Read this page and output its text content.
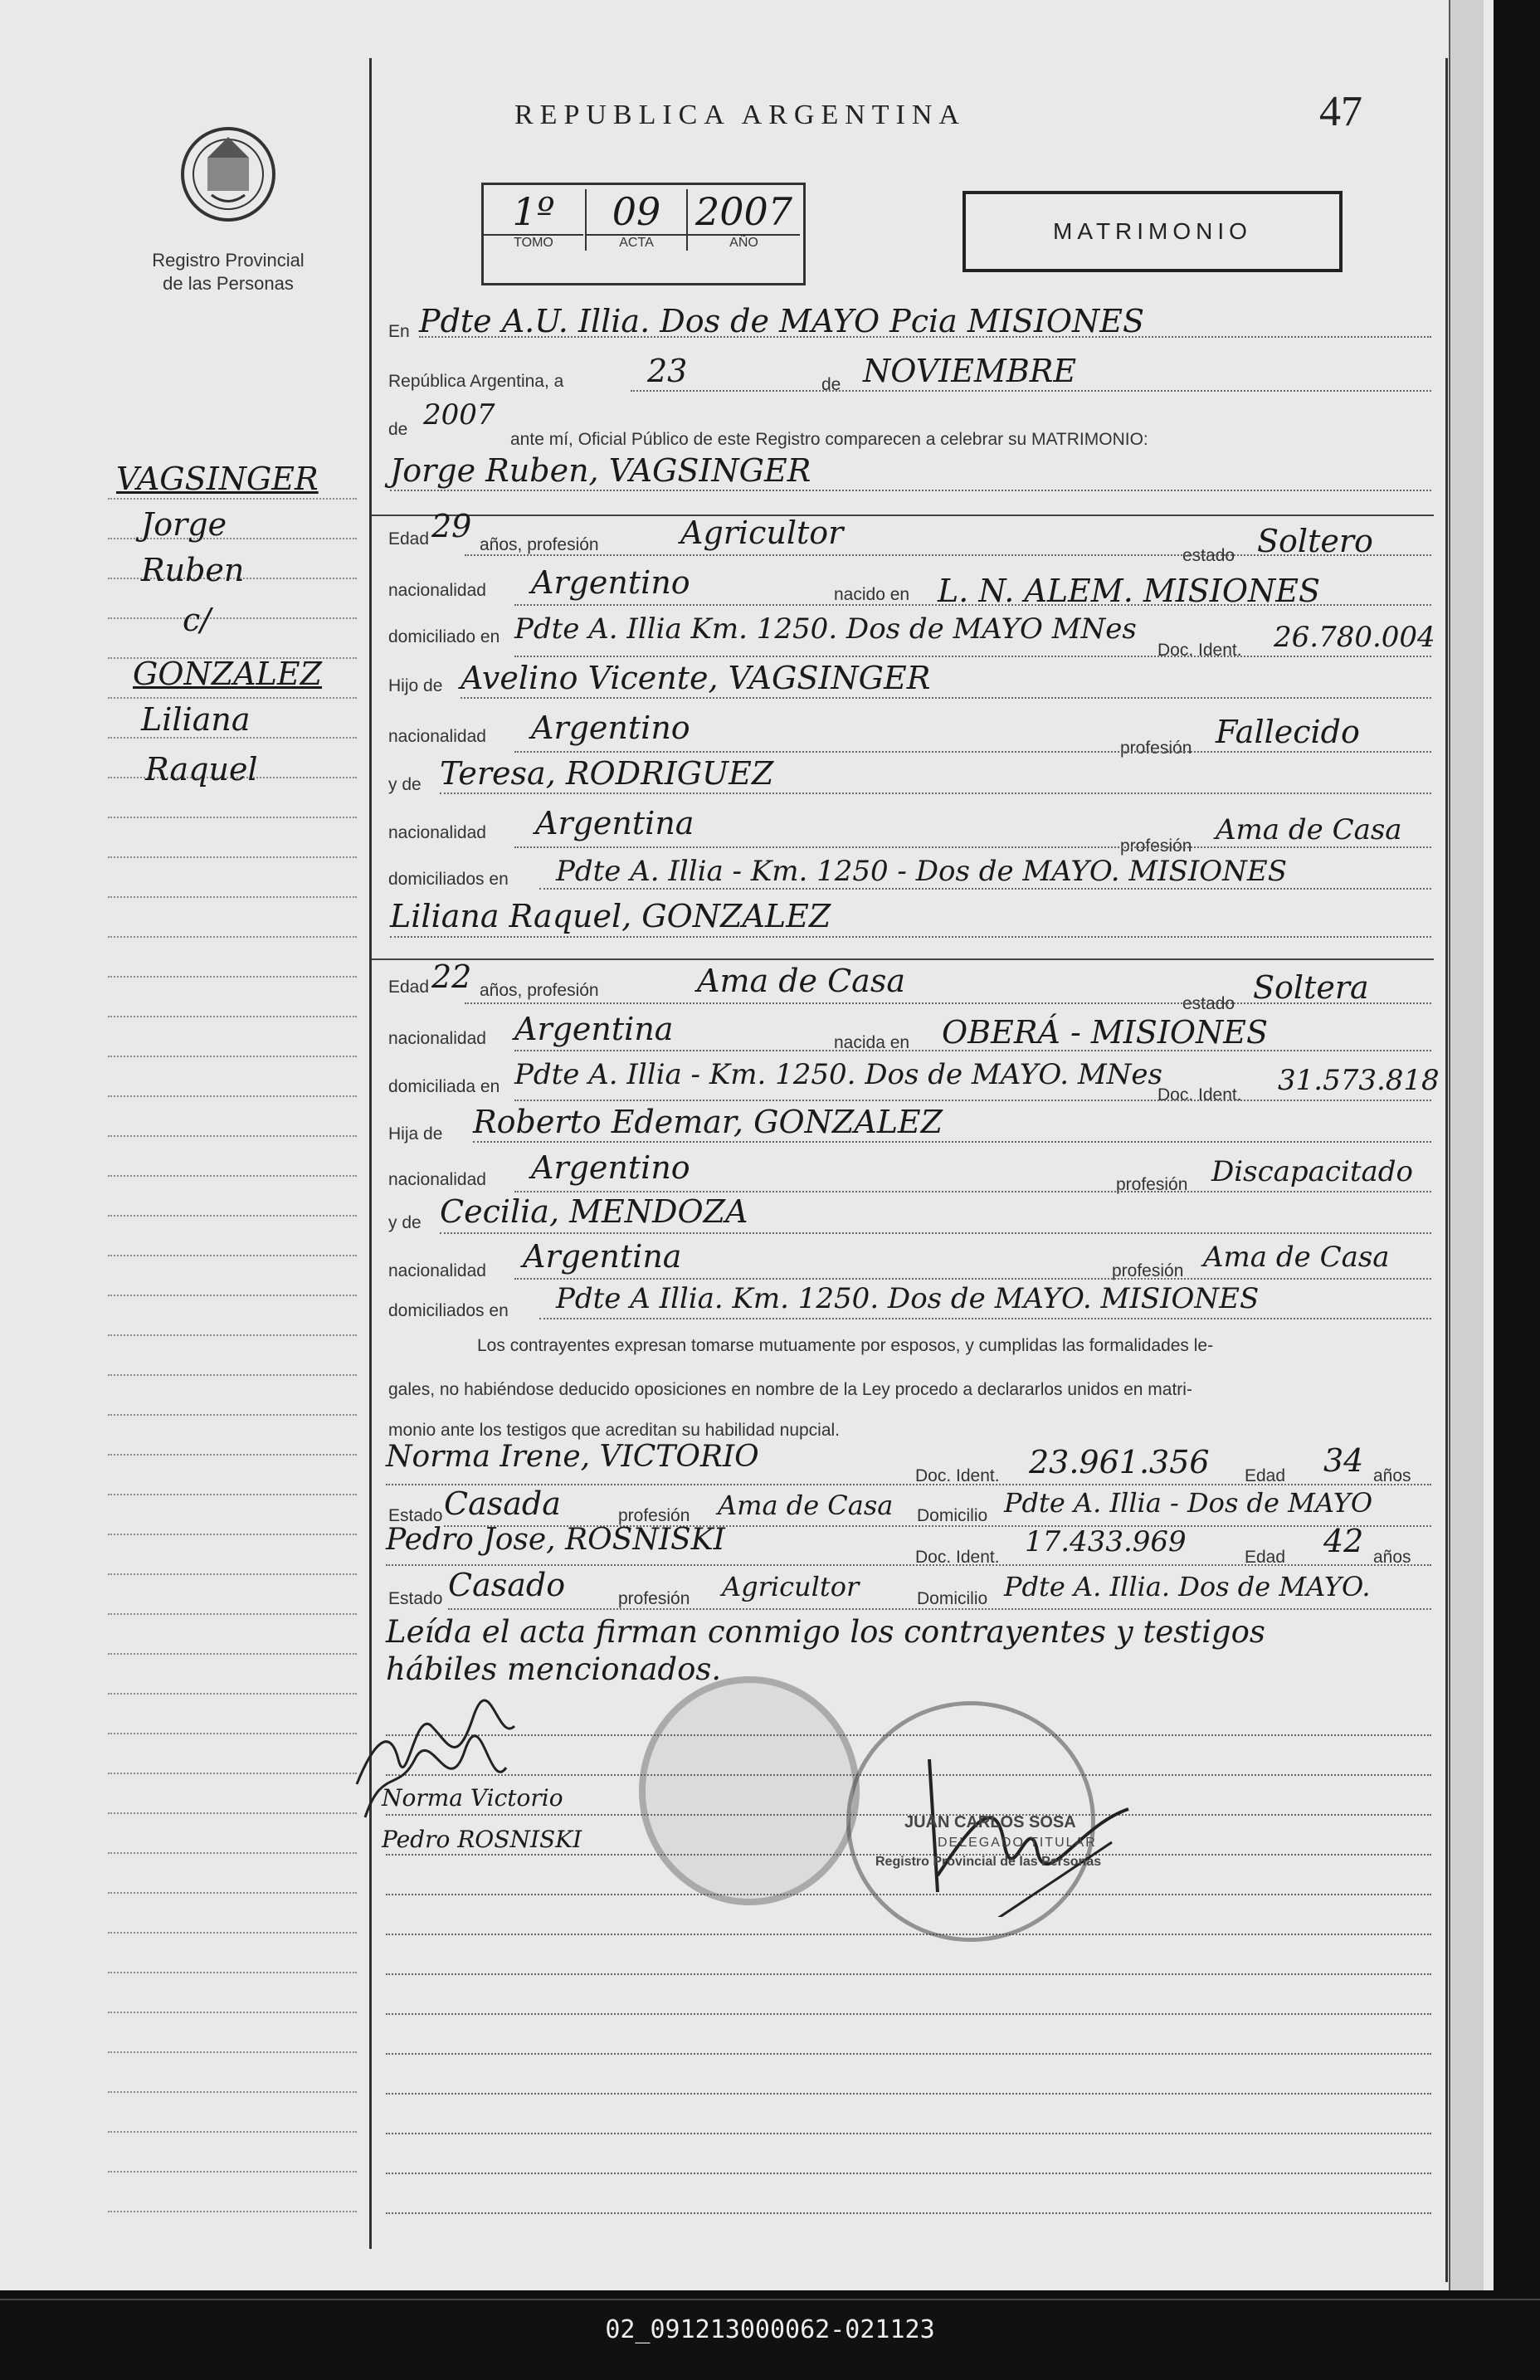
Registro Provincial
de las Personas
VAGSINGER
Jorge
Ruben
c/
GONZALEZ
Liliana
Raquel
REPUBLICA ARGENTINA	47
1º
TOMO
09
ACTA
2007
AÑO	MATRIMONIO
En Pdte A.U. Illia. Dos de MAYO Pcia MISIONES
República Argentina, a	23	de NOVIEMBRE
de 2007
ante mí, Oficial Público de este Registro comparecen a celebrar su MATRIMONIO:
Jorge Ruben, VAGSINGER
Edad 29
años, profesión	Agricultor
estado Soltero
nacionalidad Argentino	nacido en L. N. ALEM. MISIONES
domiciliado en Pdte A. Illia Km. 1250. Dos de MAYO MNes
Doc. Ident. 26.780.004
Hijo de Avelino Vicente, VAGSINGER
nacionalidad Argentino
profesión Fallecido
y de Teresa, RODRIGUEZ
nacionalidad Argentina
profesión Ama de Casa
domiciliados en Pdte A. Illia - Km. 1250 - Dos de MAYO. MISIONES
Liliana Raquel, GONZALEZ
Edad 22 años, profesión	Ama de Casa
estado Soltera
nacionalidad Argentina	nacida en OBERÁ - MISIONES
domiciliada en Pdte A. Illia - Km. 1250. Dos de MAYO. MNes
Doc. Ident. 31.573.818
Hija de Roberto Edemar, GONZALEZ
nacionalidad Argentino	profesión Discapacitado
y de Cecilia, MENDOZA
nacionalidad Argentina	profesión Ama de Casa
domiciliados en Pdte A Illia. Km. 1250. Dos de MAYO. MISIONES
Los contrayentes expresan tomarse mutuamente por esposos, y cumplidas las formalidades le-
gales, no habiéndose deducido oposiciones en nombre de la Ley procedo a declararlos unidos en matri-
monio ante los testigos que acreditan su habilidad nupcial.
Norma Irene, VICTORIO
Doc. Ident. 23.961.356 Edad 34 años
Estado Casada	profesión Ama de Casa Domicilio Pdte A. Illia - Dos de MAYO
Pedro Jose, ROSNISKI
Doc. Ident. 17.433.969	Edad 42 años
Estado Casado	profesión Agricultor	Domicilio Pdte A. Illia. Dos de MAYO.
Leída el acta firman conmigo los contrayentes y testigos
hábiles mencionados.
Norma Victorio
Pedro ROSNISKI
JUAN CARLOS SOSA
DELEGADO TITULAR
Registro Provincial de las Personas
02_091213000062-021123
